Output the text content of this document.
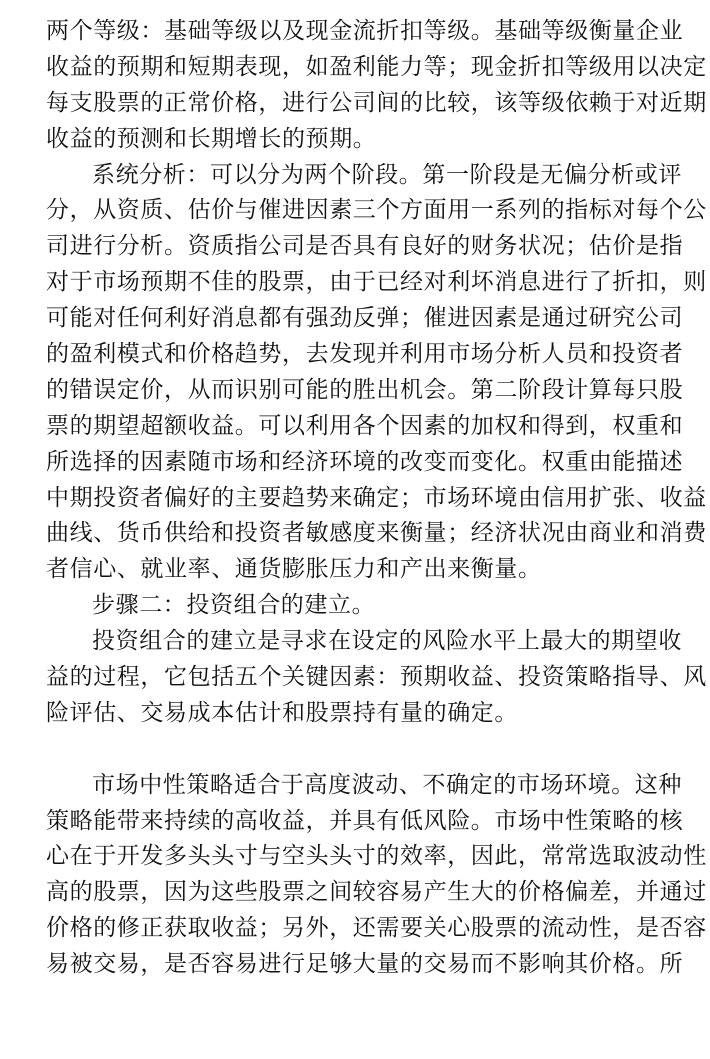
两个等级：基础等级以及现金流折扣等级。基础等级衡量企业
收益的预期和短期表现，如盈利能力等；现金折扣等级用以决定
每支股票的正常价格，进行公司间的比较，该等级依赖于对近期
收益的预测和长期增长的预期。
系统分析：可以分为两个阶段。第一阶段是无偏分析或评
分，从资质、估价与催进因素三个方面用一系列的指标对每个公
司进行分析。资质指公司是否具有良好的财务状况；估价是指
对于市场预期不佳的股票，由于已经对利坏消息进行了折扣，则
可能对任何利好消息都有强劲反弹；催进因素是通过研究公司
的盈利模式和价格趋势，去发现并利用市场分析人员和投资者
的错误定价，从而识别可能的胜出机会。第二阶段计算每只股
票的期望超额收益。可以利用各个因素的加权和得到，权重和
所选择的因素随市场和经济环境的改变而变化。权重由能描述
中期投资者偏好的主要趋势来确定；市场环境由信用扩张、收益
曲线、货币供给和投资者敏感度来衡量；经济状况由商业和消费
者信心、就业率、通货膨胀压力和产出来衡量。
步骤二：投资组合的建立。
投资组合的建立是寻求在设定的风险水平上最大的期望收
益的过程，它包括五个关键因素：预期收益、投资策略指导、风
险评估、交易成本估计和股票持有量的确定。
市场中性策略适合于高度波动、不确定的市场环境。这种
策略能带来持续的高收益，并具有低风险。市场中性策略的核
心在于开发多头头寸与空头头寸的效率，因此，常常选取波动性
高的股票，因为这些股票之间较容易产生大的价格偏差，并通过
价格的修正获取收益；另外，还需要关心股票的流动性，是否容
易被交易，是否容易进行足够大量的交易而不影响其价格。所
